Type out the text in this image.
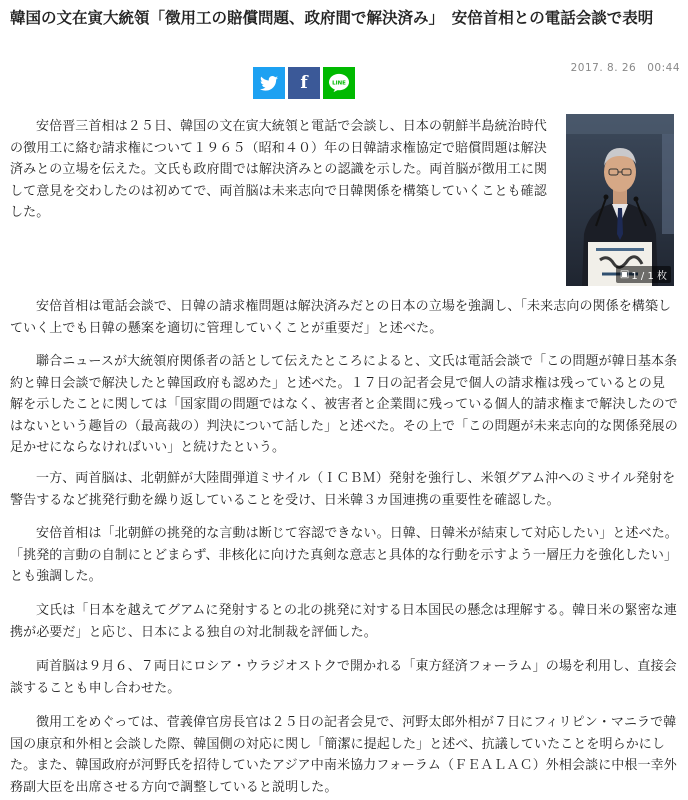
韓国の文在寅大統領「徴用工の賠償問題、政府間で解決済み」　安倍首相との電話会談で表明
2017. 8. 26　00:44
f	LINE
▣ 1 / 1 枚

安倍晋三首相は２５日、韓国の文在寅大統領と電話で会談し、日本の朝鮮半島統治時代の徴用工に絡む請求権について１９６５（昭和４０）年の日韓請求権協定で賠償問題は解決済みとの立場を伝えた。文氏も政府間では解決済みとの認識を示した。両首脳が徴用工に関して意見を交わしたのは初めてで、両首脳は未来志向で日韓関係を構築していくことも確認した。

安倍首相は電話会談で、日韓の請求権問題は解決済みだとの日本の立場を強調し、「未来志向の関係を構築していく上でも日韓の懸案を適切に管理していくことが重要だ」と述べた。

聯合ニュースが大統領府関係者の話として伝えたところによると、文氏は電話会談で「この問題が韓日基本条約と韓日会談で解決したと韓国政府も認めた」と述べた。１７日の記者会見で個人の請求権は残っているとの見解を示したことに関しては「国家間の問題ではなく、被害者と企業間に残っている個人的請求権まで解決したのではないという趣旨の（最高裁の）判決について話した」と述べた。その上で「この問題が未来志向的な関係発展の足かせにならなければいい」と続けたという。

一方、両首脳は、北朝鮮が大陸間弾道ミサイル（ＩＣＢＭ）発射を強行し、米領グアム沖へのミサイル発射を警告するなど挑発行動を繰り返していることを受け、日米韓３カ国連携の重要性を確認した。

安倍首相は「北朝鮮の挑発的な言動は断じて容認できない。日韓、日韓米が結束して対応したい」と述べた。「挑発的言動の自制にとどまらず、非核化に向けた真剣な意志と具体的な行動を示すよう一層圧力を強化したい」とも強調した。

文氏は「日本を越えてグアムに発射するとの北の挑発に対する日本国民の懸念は理解する。韓日米の緊密な連携が必要だ」と応じ、日本による独自の対北制裁を評価した。

両首脳は９月６、７両日にロシア・ウラジオストクで開かれる「東方経済フォーラム」の場を利用し、直接会談することも申し合わせた。

徴用工をめぐっては、菅義偉官房長官は２５日の記者会見で、河野太郎外相が７日にフィリピン・マニラで韓国の康京和外相と会談した際、韓国側の対応に関し「簡潔に提起した」と述べ、抗議していたことを明らかにした。また、韓国政府が河野氏を招待していたアジア中南米協力フォーラム（ＦＥＡＬＡＣ）外相会談に中根一幸外務副大臣を出席させる方向で調整していると説明した。
